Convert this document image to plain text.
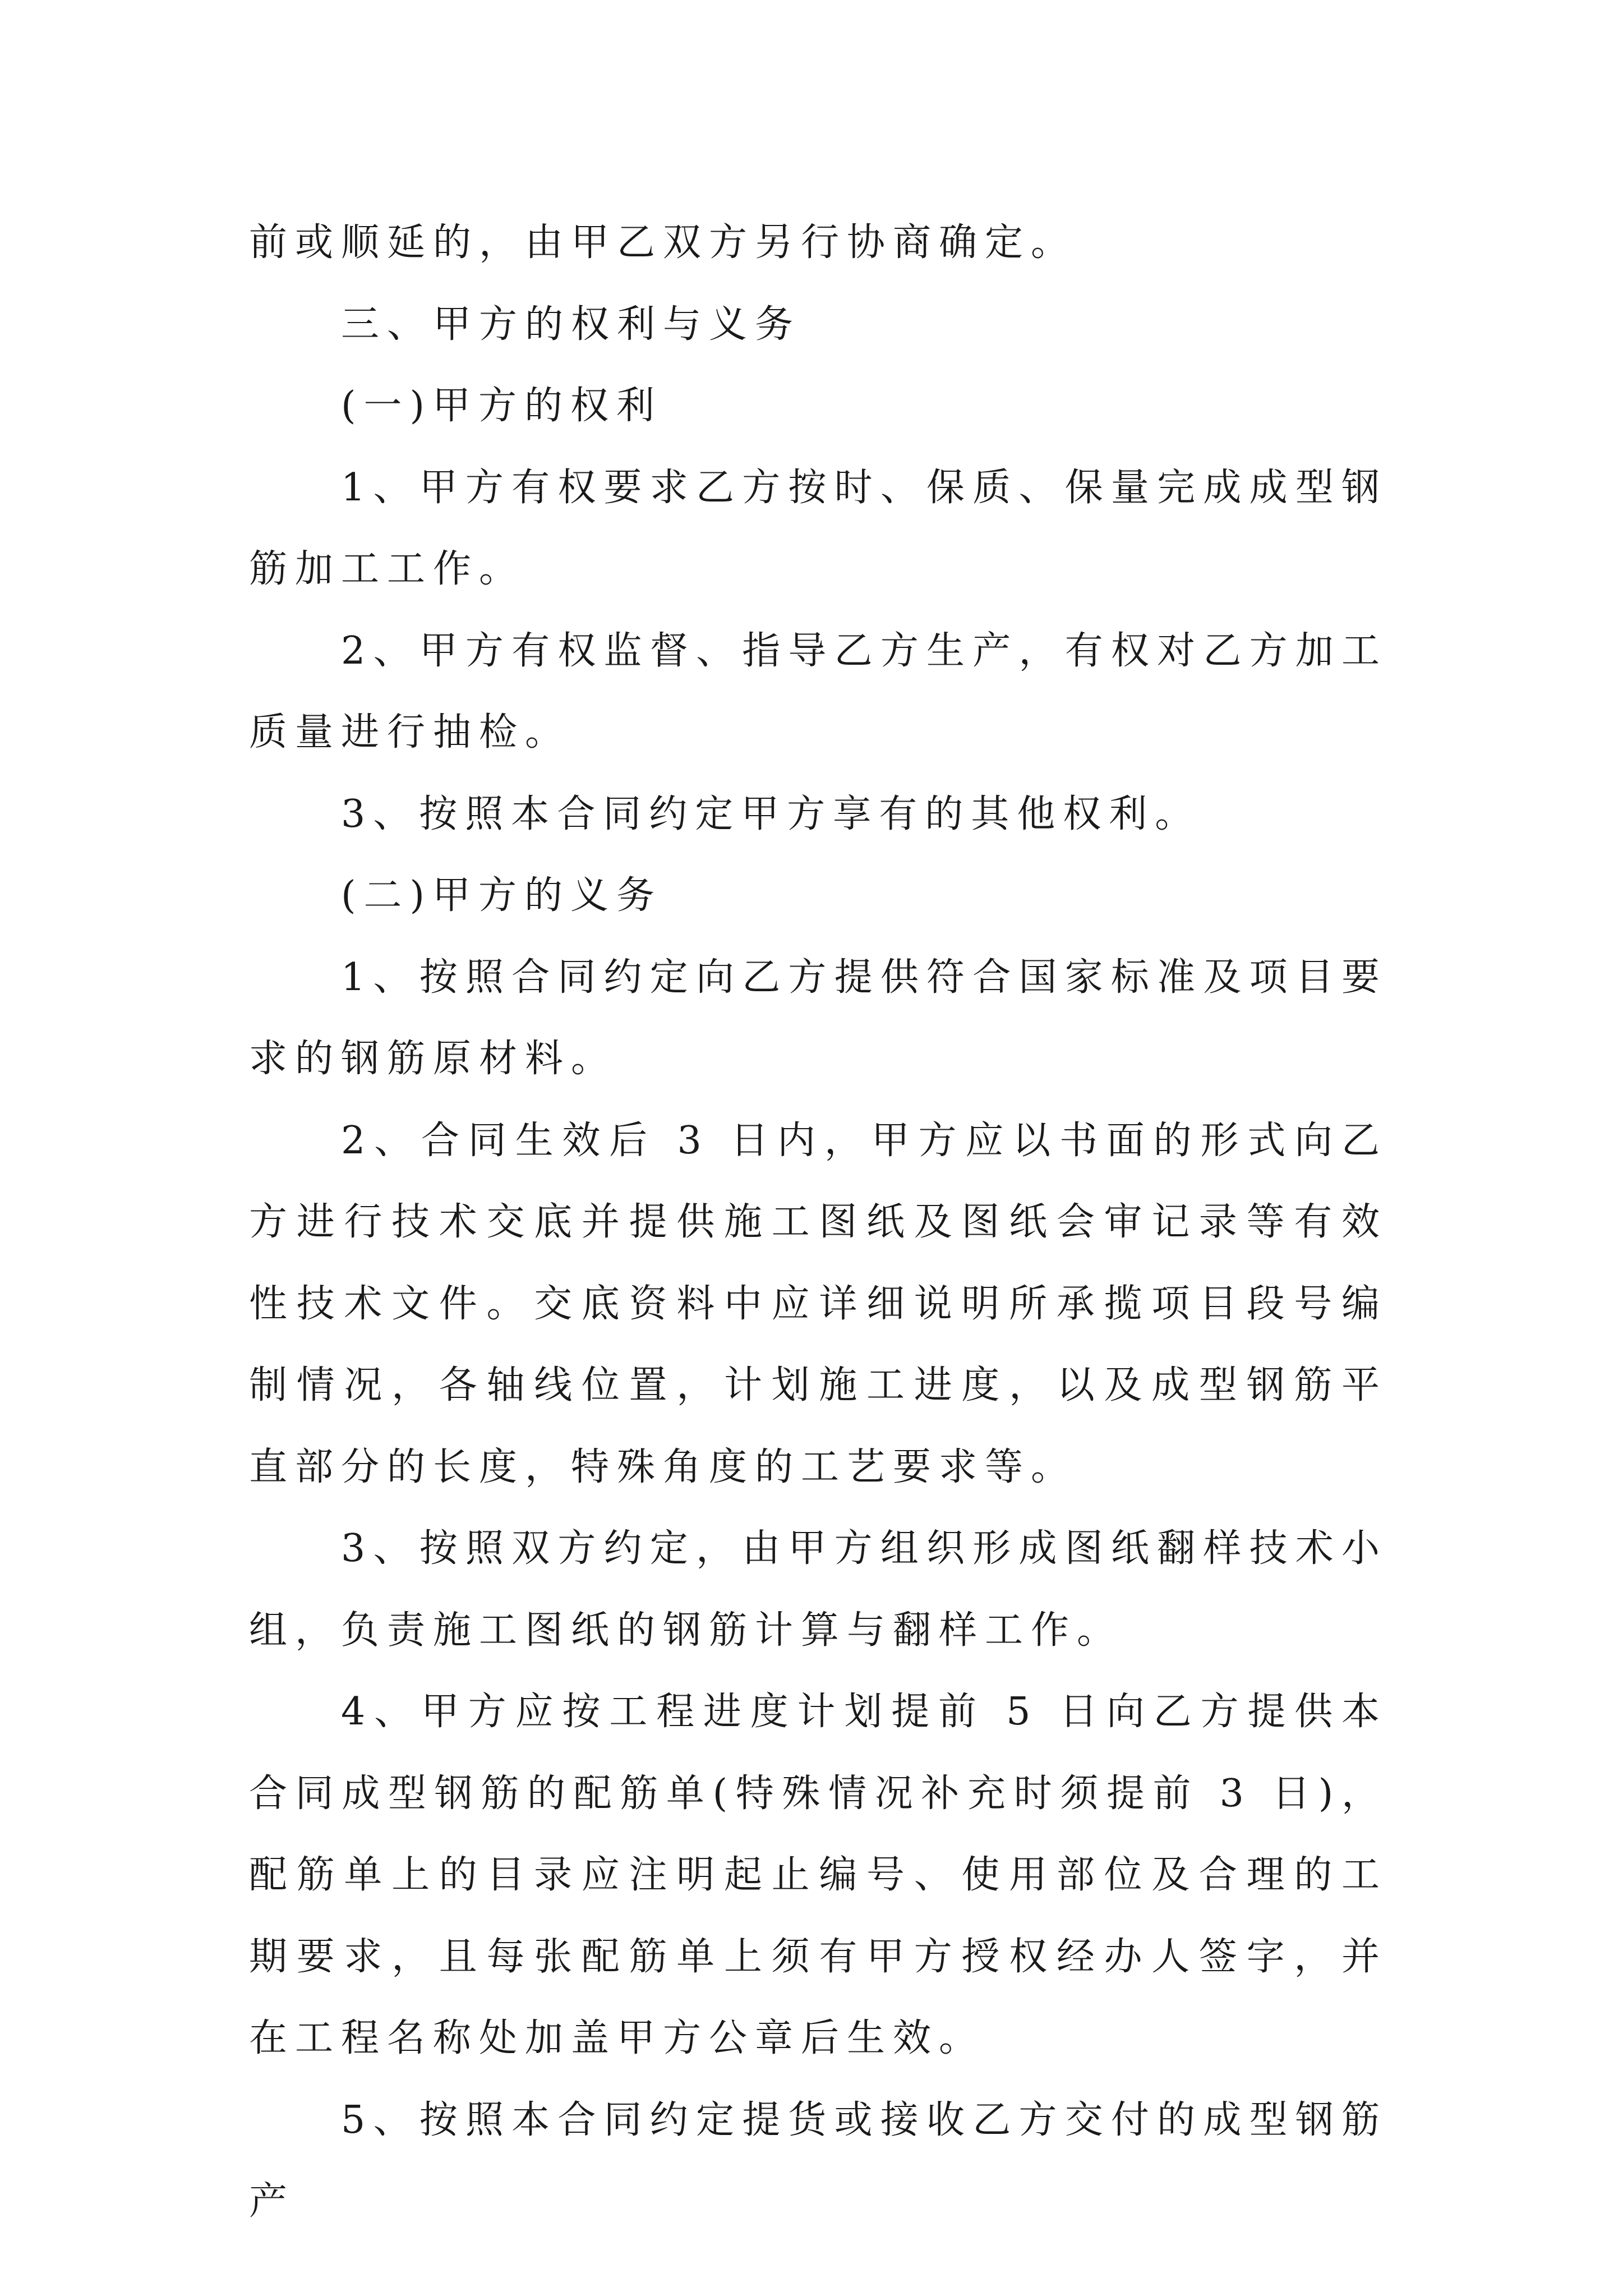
前或顺延的，由甲乙双方另行协商确定。

三、甲方的权利与义务

(一)甲方的权利

1、甲方有权要求乙方按时、保质、保量完成成型钢筋加工工作。

2、甲方有权监督、指导乙方生产，有权对乙方加工质量进行抽检。

3、按照本合同约定甲方享有的其他权利。

(二)甲方的义务

1、按照合同约定向乙方提供符合国家标准及项目要求的钢筋原材料。

2、合同生效后 3 日内，甲方应以书面的形式向乙方进行技术交底并提供施工图纸及图纸会审记录等有效性技术文件。交底资料中应详细说明所承揽项目段号编制情况，各轴线位置，计划施工进度，以及成型钢筋平直部分的长度，特殊角度的工艺要求等。

3、按照双方约定，由甲方组织形成图纸翻样技术小组，负责施工图纸的钢筋计算与翻样工作。

4、甲方应按工程进度计划提前 5 日向乙方提供本合同成型钢筋的配筋单(特殊情况补充时须提前 3 日)，配筋单上的目录应注明起止编号、使用部位及合理的工期要求，且每张配筋单上须有甲方授权经办人签字，并在工程名称处加盖甲方公章后生效。

5、按照本合同约定提货或接收乙方交付的成型钢筋产
